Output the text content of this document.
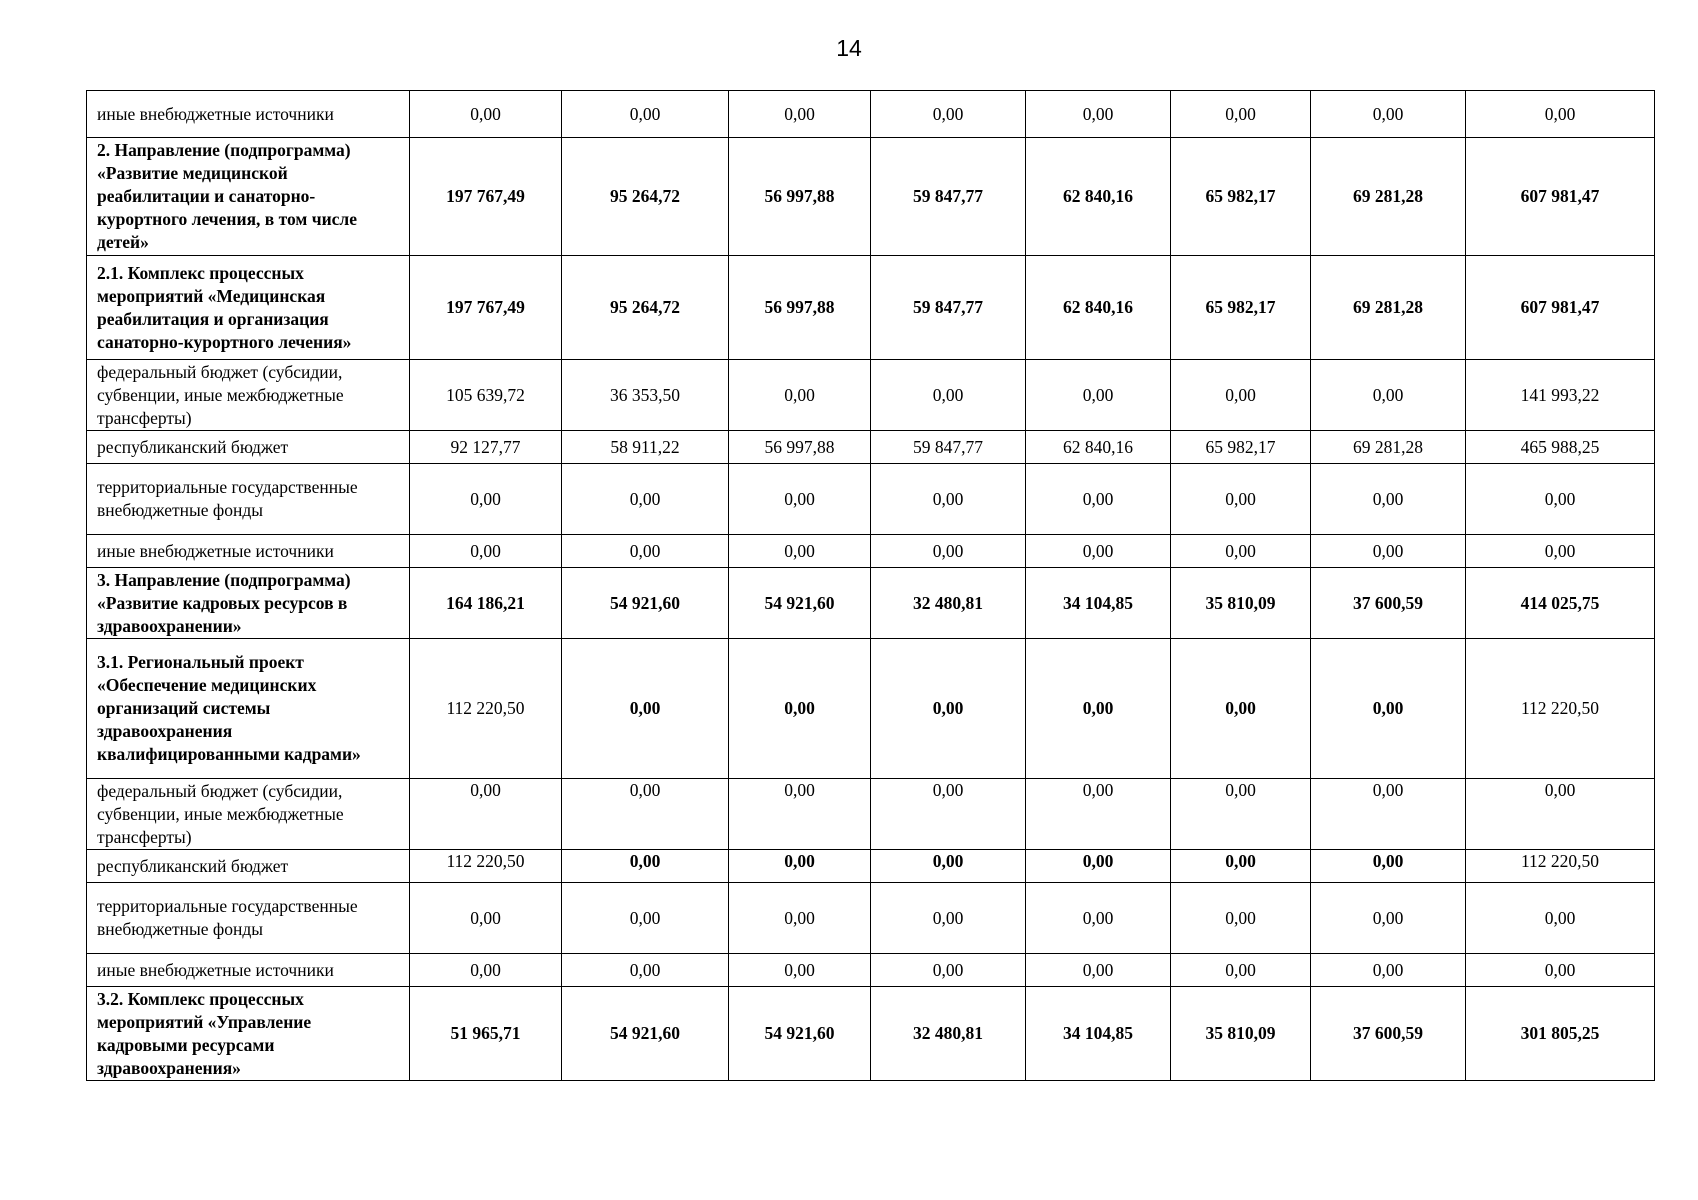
14
иные внебюджетные источники	0,00	0,00	0,00	0,00	0,00	0,00	0,00	0,00
2. Направление (подпрограмма) «Развитие медицинской реабилитации и санаторно-курортного лечения, в том числе детей»	197 767,49	95 264,72	56 997,88	59 847,77	62 840,16	65 982,17	69 281,28	607 981,47
2.1. Комплекс процессных мероприятий «Медицинская реабилитация и организация санаторно-курортного лечения»	197 767,49	95 264,72	56 997,88	59 847,77	62 840,16	65 982,17	69 281,28	607 981,47
федеральный бюджет (субсидии, субвенции, иные межбюджетные трансферты)	105 639,72	36 353,50	0,00	0,00	0,00	0,00	0,00	141 993,22
республиканский бюджет	92 127,77	58 911,22	56 997,88	59 847,77	62 840,16	65 982,17	69 281,28	465 988,25
территориальные государственные внебюджетные фонды	0,00	0,00	0,00	0,00	0,00	0,00	0,00	0,00
иные внебюджетные источники	0,00	0,00	0,00	0,00	0,00	0,00	0,00	0,00
3. Направление (подпрограмма) «Развитие кадровых ресурсов в здравоохранении»	164 186,21	54 921,60	54 921,60	32 480,81	34 104,85	35 810,09	37 600,59	414 025,75
3.1. Региональный проект «Обеспечение медицинских организаций системы здравоохранения квалифицированными кадрами»	112 220,50	0,00	0,00	0,00	0,00	0,00	0,00	112 220,50
федеральный бюджет (субсидии, субвенции, иные межбюджетные трансферты)	0,00	0,00	0,00	0,00	0,00	0,00	0,00	0,00
республиканский бюджет	112 220,50	0,00	0,00	0,00	0,00	0,00	0,00	112 220,50
территориальные государственные внебюджетные фонды	0,00	0,00	0,00	0,00	0,00	0,00	0,00	0,00
иные внебюджетные источники	0,00	0,00	0,00	0,00	0,00	0,00	0,00	0,00
3.2. Комплекс процессных мероприятий «Управление кадровыми ресурсами здравоохранения»	51 965,71	54 921,60	54 921,60	32 480,81	34 104,85	35 810,09	37 600,59	301 805,25
